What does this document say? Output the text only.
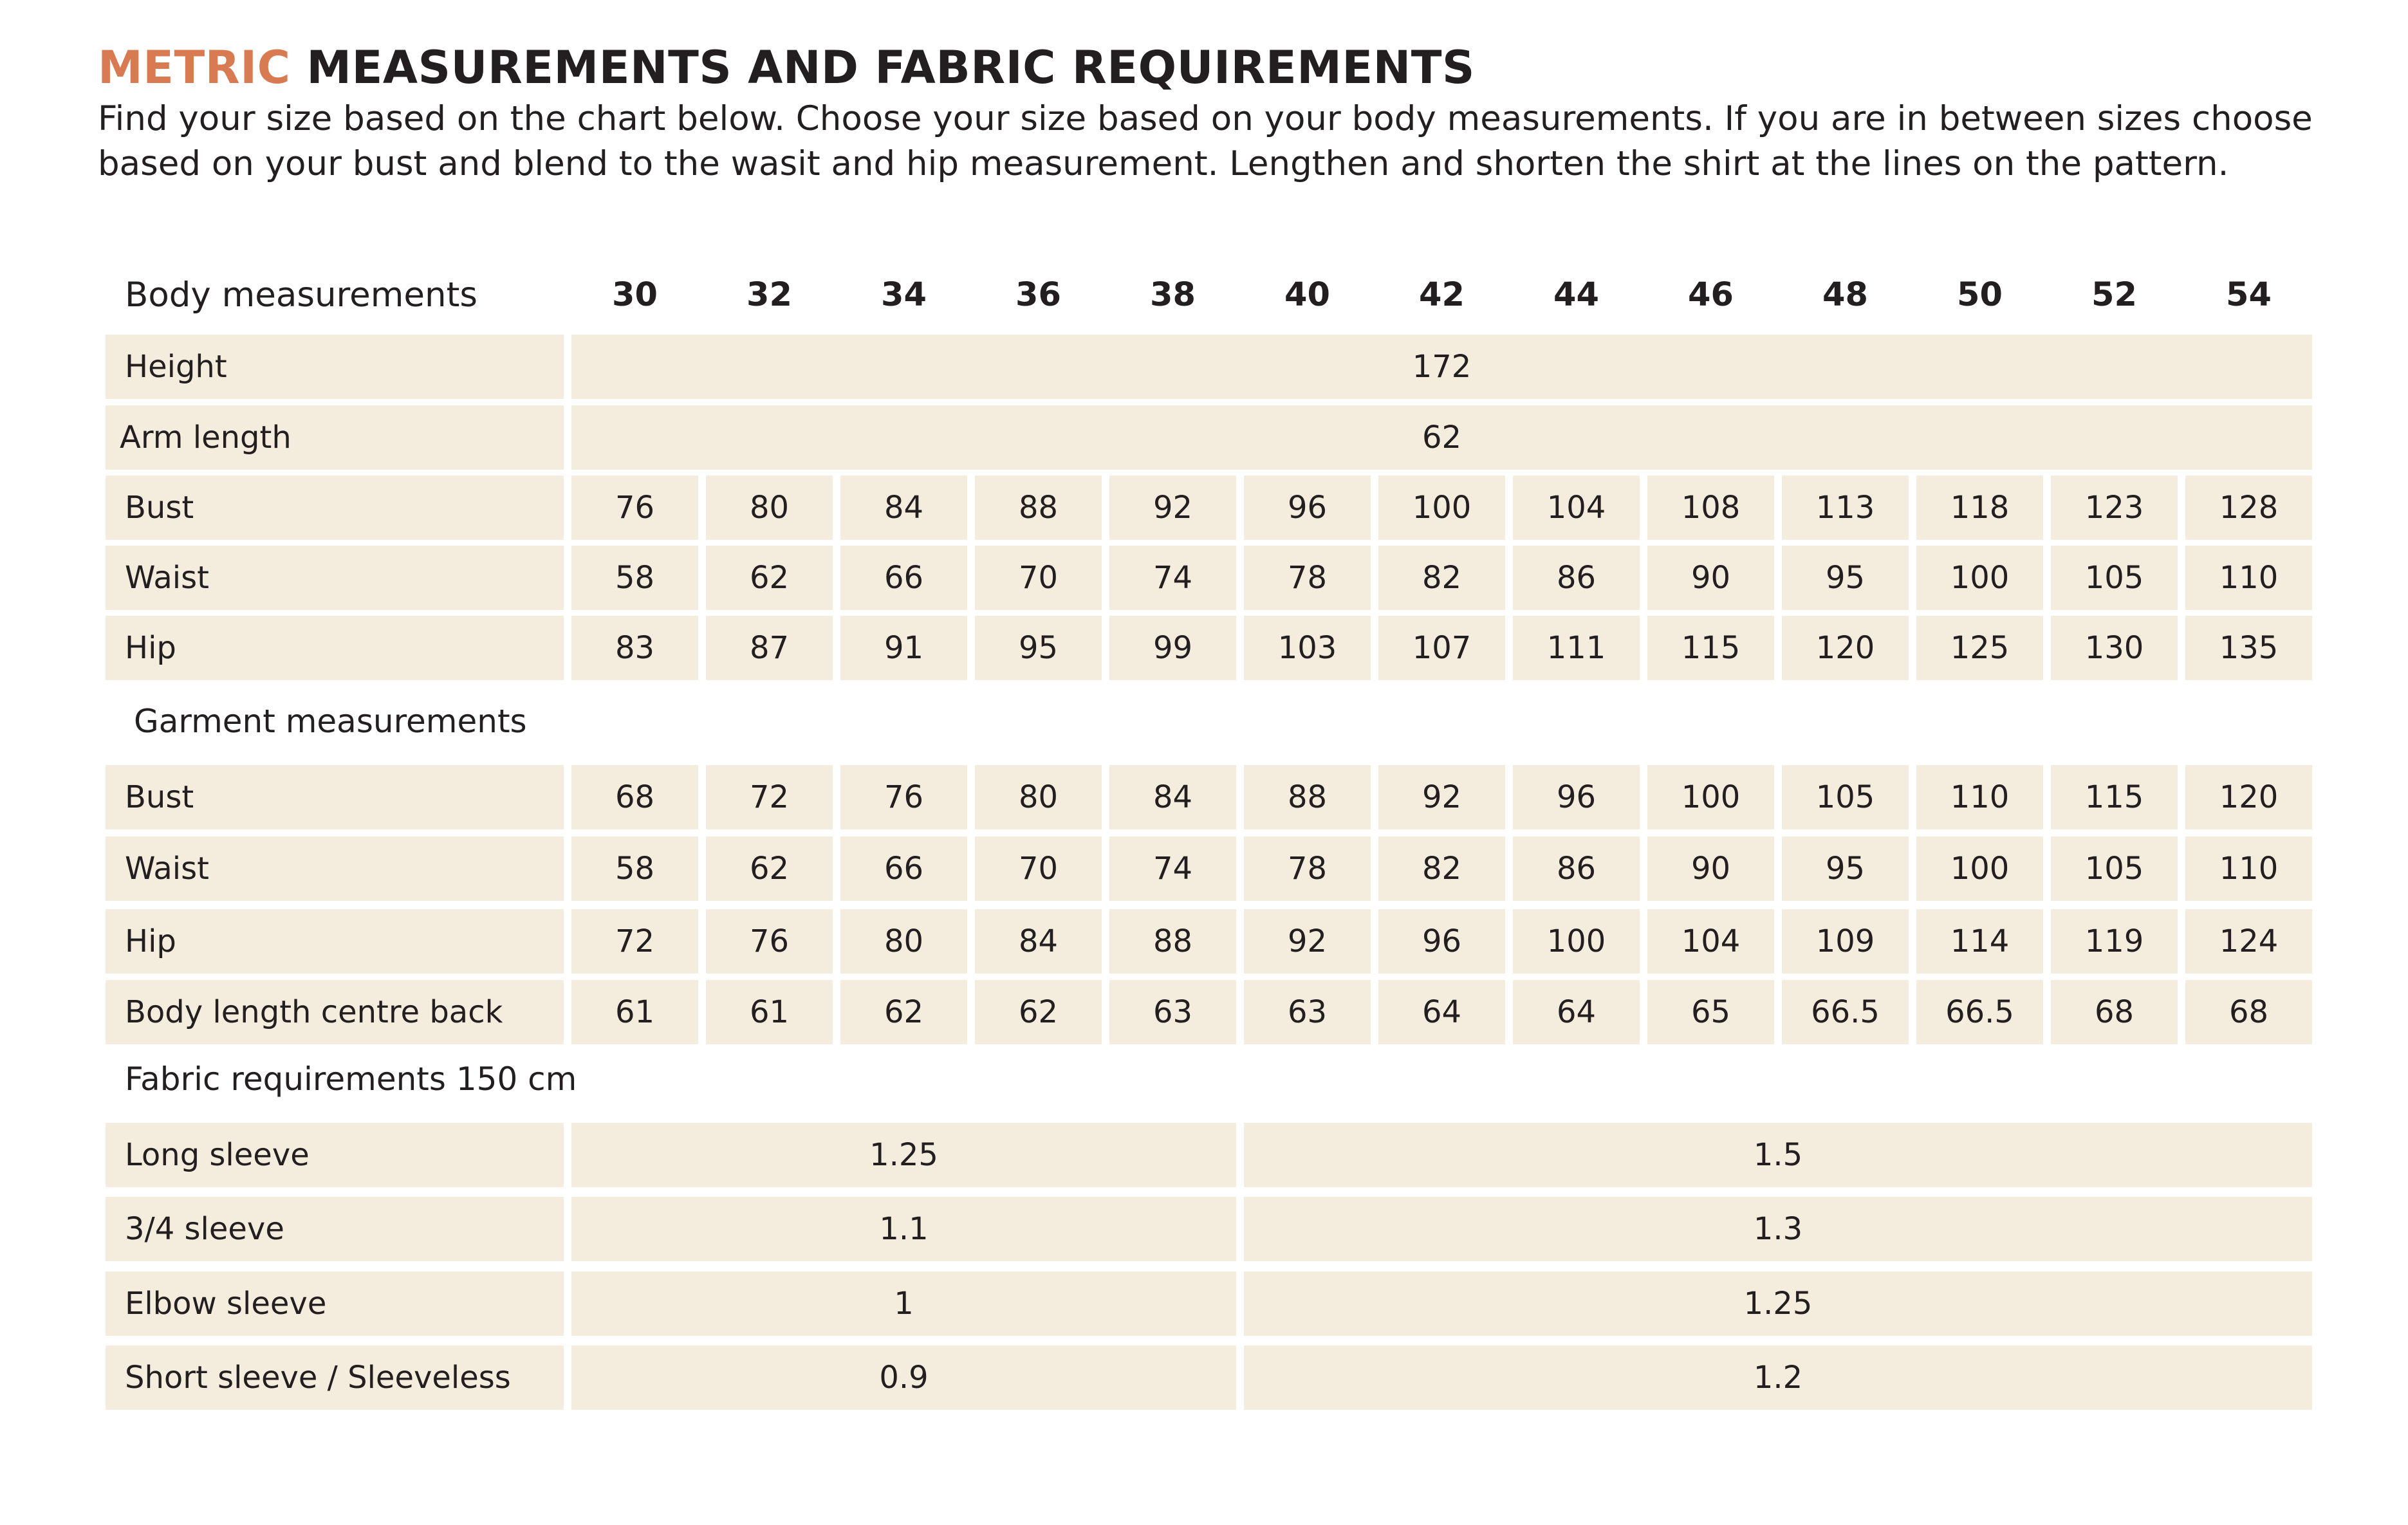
METRIC MEASUREMENTS AND FABRIC REQUIREMENTS
Find your size based on the chart below. Choose your size based on your body measurements. If you are in between sizes choose
based on your bust and blend to the wasit and hip measurement. Lengthen and shorten the shirt at the lines on the pattern.
Body measurements	30	32	34	36	38	40	42	44	46	48	50	52	54
Height	172
Arm length	62
Bust	76	80	84	88	92	96	100	104	108	113	118	123	128
Waist	58	62	66	70	74	78	82	86	90	95	100	105	110
Hip	83	87	91	95	99	103	107	111	115	120	125	130	135
Garment measurements
Bust	68	72	76	80	84	88	92	96	100	105	110	115	120
Waist	58	62	66	70	74	78	82	86	90	95	100	105	110
Hip	72	76	80	84	88	92	96	100	104	109	114	119	124
Body length centre back	61	61	62	62	63	63	64	64	65	66.5	66.5	68	68
Fabric requirements 150 cm
Long sleeve	1.25	1.5
3/4 sleeve	1.1	1.3
Elbow sleeve	1	1.25
Short sleeve / Sleeveless	0.9	1.2
